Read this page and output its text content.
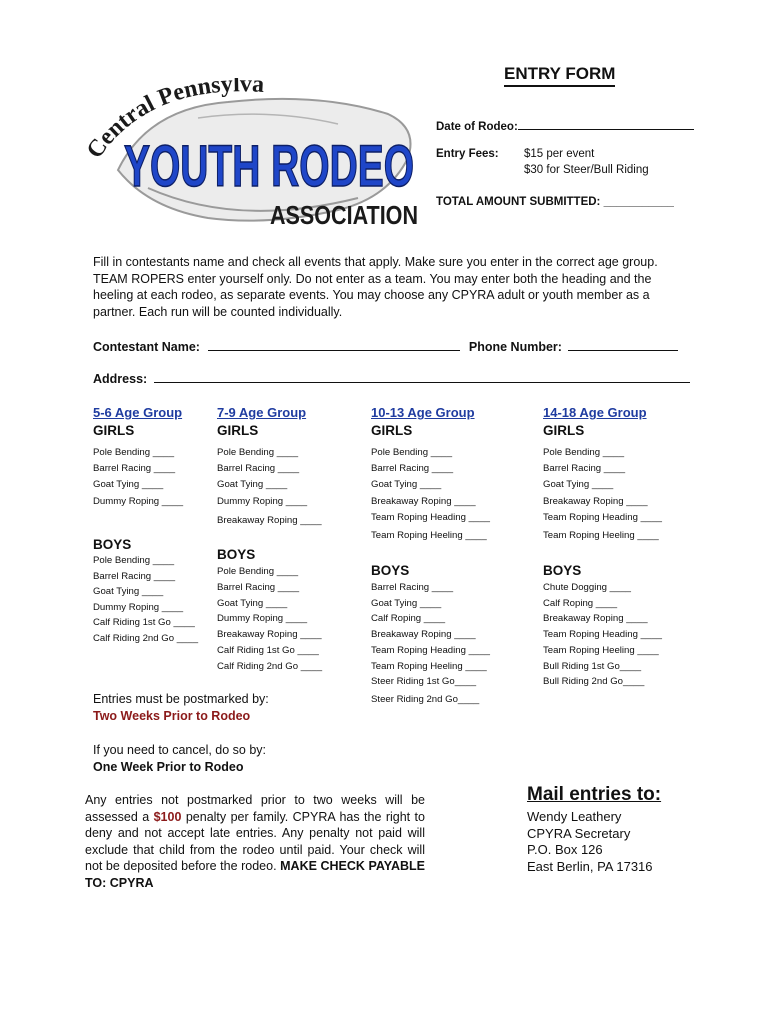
entral Pennsylva
YOUTH RODEO
ASSOCIATION
ENTRY FORM
Date of Rodeo:
Entry Fees: $15 per event
$30 for Steer/Bull Riding
TOTAL AMOUNT SUBMITTED: ___________
Fill in contestants name and check all events that apply. Make sure you enter in the correct age group. TEAM ROPERS enter yourself only. Do not enter as a team. You may enter both the heading and the heeling at each rodeo, as separate events. You may choose any CPYRA adult or youth member as a partner. Each run will be counted individually.
Contestant Name:	Phone Number:
Address:
5-6 Age Group
GIRLS
Pole Bending ____
Barrel Racing ____
Goat Tying ____
Dummy Roping ____
BOYS
Pole Bending ____
Barrel Racing ____
Goat Tying ____
Dummy Roping ____
Calf Riding 1st Go ____
Calf Riding 2nd Go ____
7-9 Age Group
GIRLS
Pole Bending ____
Barrel Racing ____
Goat Tying ____
Dummy Roping ____
Breakaway Roping ____
BOYS
Pole Bending ____
Barrel Racing ____
Goat Tying ____
Dummy Roping ____
Breakaway Roping ____
Calf Riding 1st Go ____
Calf Riding 2nd Go ____
10-13 Age Group
GIRLS
Pole Bending ____
Barrel Racing ____
Goat Tying ____
Breakaway Roping ____
Team Roping Heading ____
Team Roping Heeling ____
BOYS
Barrel Racing ____
Goat Tying ____
Calf Roping ____
Breakaway Roping ____
Team Roping Heading ____
Team Roping Heeling ____
Steer Riding 1st Go____
Steer Riding 2nd Go____
14-18 Age Group
GIRLS
Pole Bending ____
Barrel Racing ____
Goat Tying ____
Breakaway Roping ____
Team Roping Heading ____
Team Roping Heeling ____
BOYS
Chute Dogging ____
Calf Roping ____
Breakaway Roping ____
Team Roping Heading ____
Team Roping Heeling ____
Bull Riding 1st Go____
Bull Riding 2nd Go____
Entries must be postmarked by:
Two Weeks Prior to Rodeo
If you need to cancel, do so by:
One Week Prior to Rodeo
Any entries not postmarked prior to two weeks will be assessed a $100 penalty per family. CPYRA has the right to deny and not accept late entries. Any penalty not paid will exclude that child from the rodeo until paid. Your check will not be deposited before the rodeo. MAKE CHECK PAYABLE TO: CPYRA
Mail entries to:
Wendy Leathery
CPYRA Secretary
P.O. Box 126
East Berlin, PA 17316
